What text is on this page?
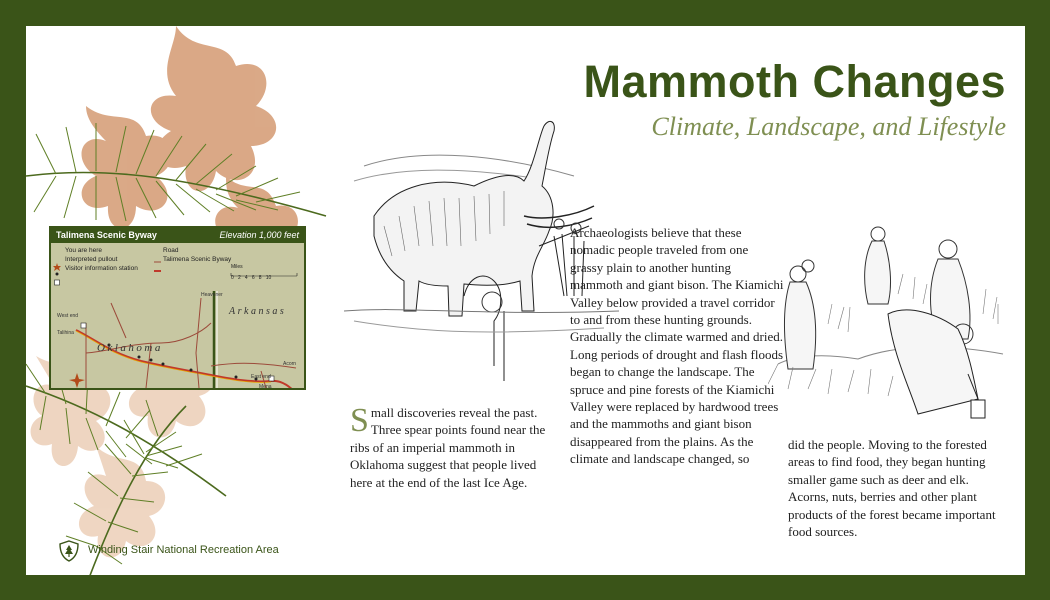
Mammoth Changes
Climate, Landscape, and Lifestyle
Talimena Scenic Byway	Elevation 1,000 feet
You are here
Interpreted pullout
Visitor information station
Road
Talimena Scenic Byway
Miles
0   2   4   6   8   10
Oklahoma
Arkansas
West end
Talihina
Heavener
East end
Acorn
Mena
Small discoveries reveal the past. Three spear points found near the ribs of an imperial mammoth in Oklahoma suggest that people lived here at the end of the last Ice Age.

Archaeologists believe that these nomadic people traveled from one grassy plain to another hunting mammoth and giant bison. The Kiamichi Valley below provided a travel corridor to and from these hunting grounds. Gradually the climate warmed and dried. Long periods of drought and flash floods began to change the landscape. The spruce and pine forests of the Kiamichi Valley were replaced by hardwood trees and the mammoths and giant bison disappeared from the plains. As the climate and landscape changed, so

did the people. Moving to the forested areas to find food, they began hunting smaller game such as deer and elk. Acorns, nuts, berries and other plant products of the forest became important food sources.
Winding Stair National Recreation Area
